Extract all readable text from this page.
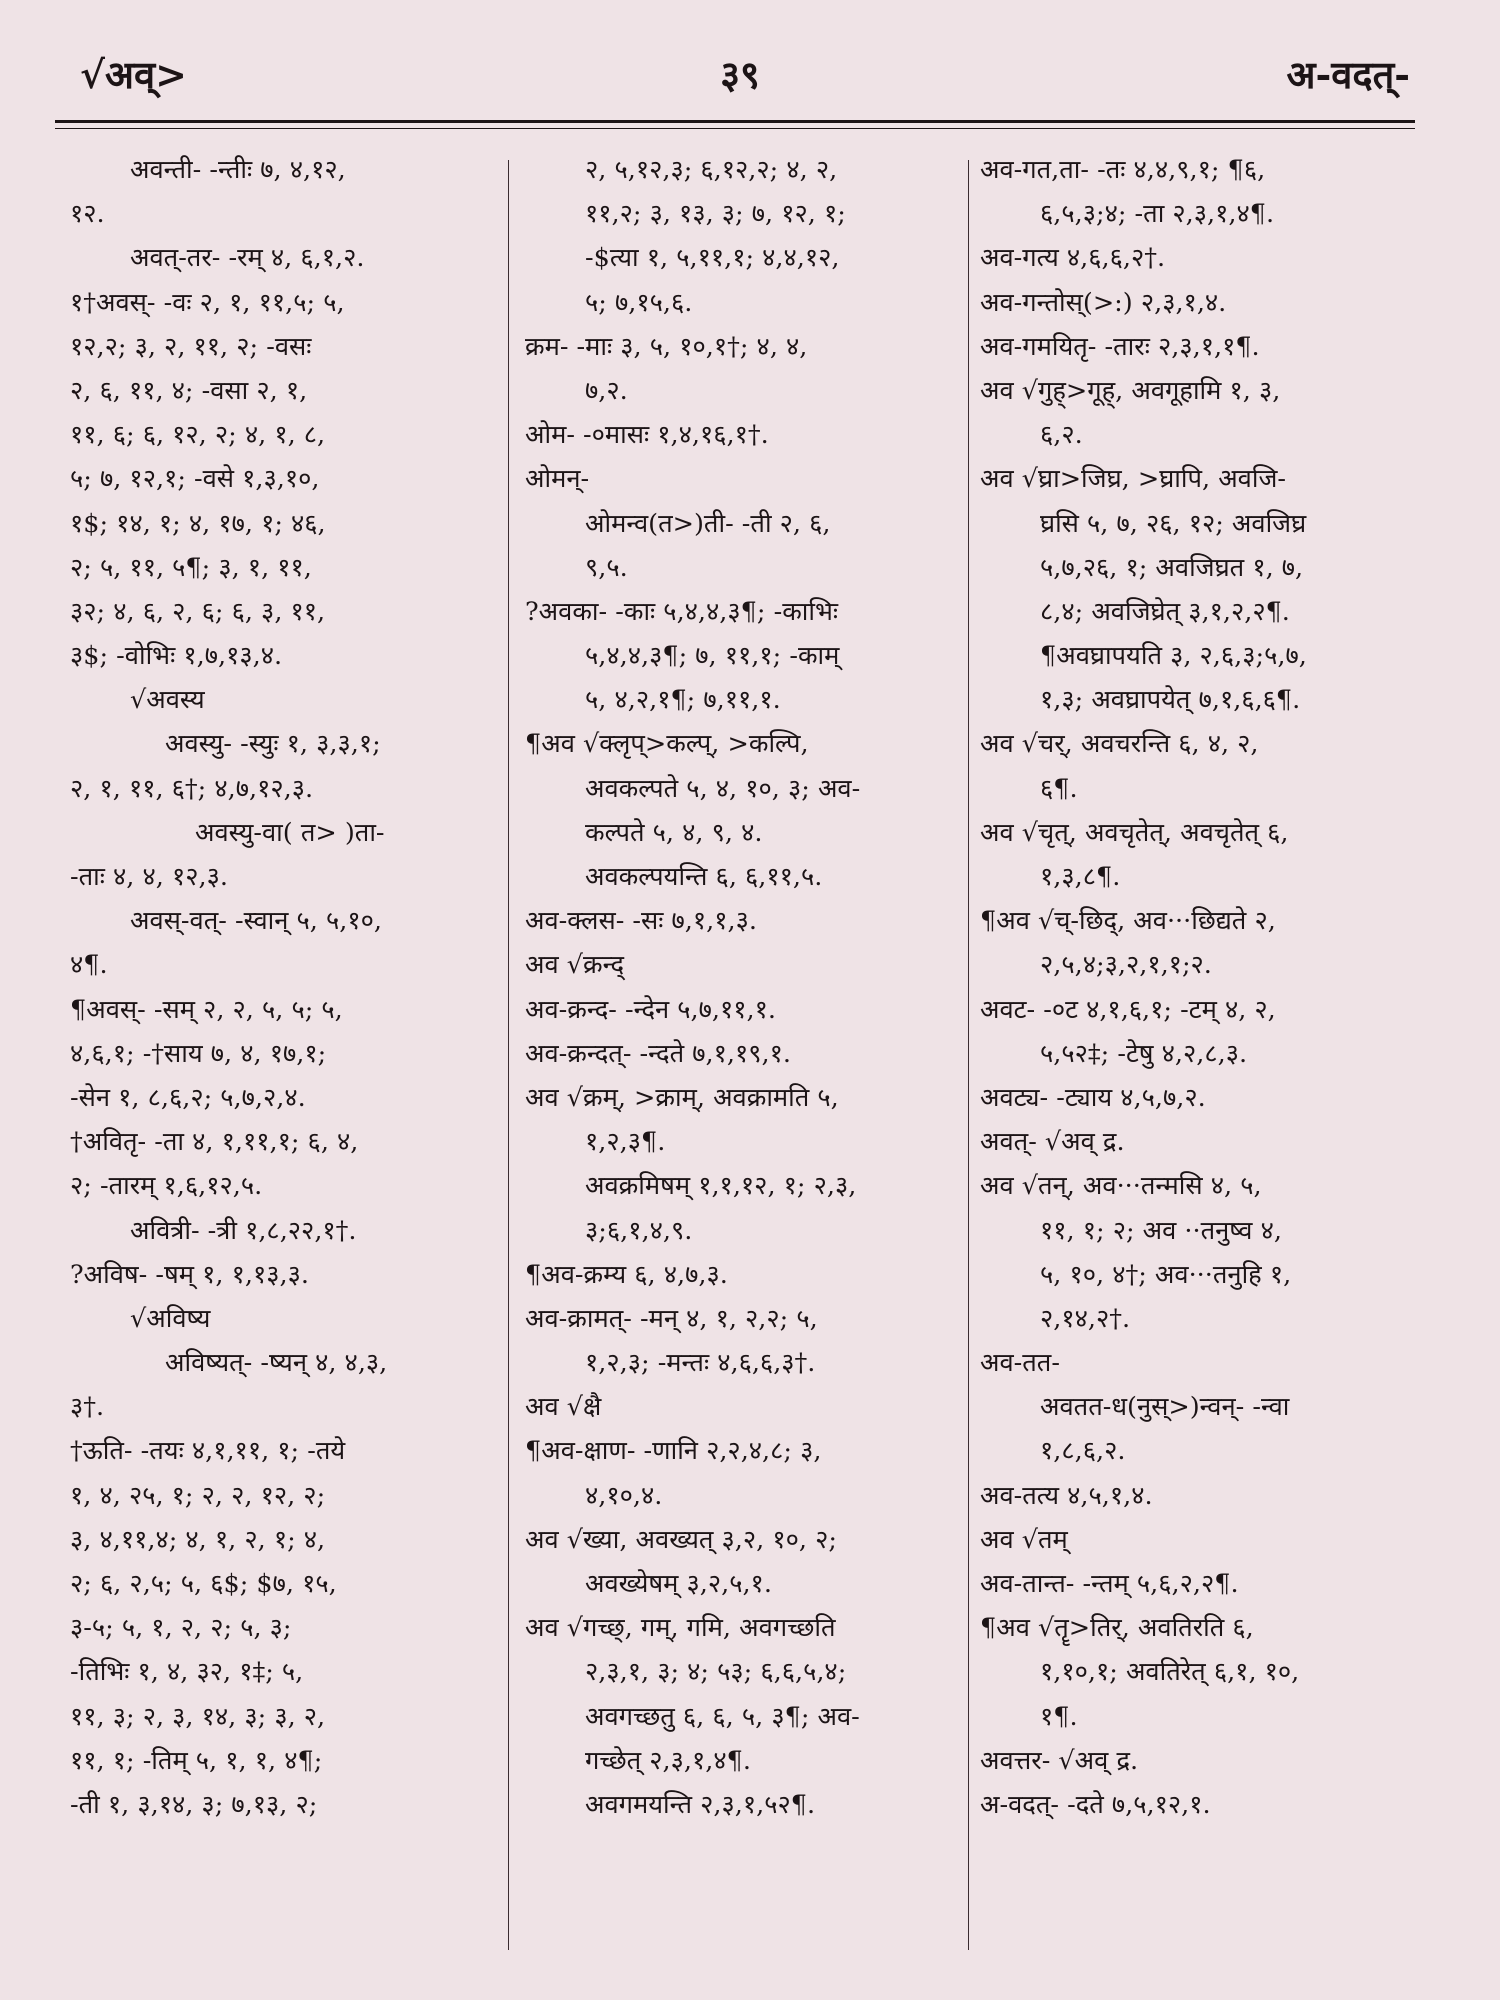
√अव्>	३९	अ-वदत्-
अवन्ती- -न्तीः ७, ४,१२,
१२.
अवत्-तर- -रम् ४, ६,१,२.
१†अवस्- -वः २, १, ११,५; ५,
१२,२; ३, २, ११, २; -वसः
२, ६, ११, ४; -वसा २, १,
११, ६; ६, १२, २; ४, १, ८,
५; ७, १२,१; -वसे १,३,१०,
१$; १४, १; ४, १७, १; ४६,
२; ५, ११, ५¶; ३, १, ११,
३२; ४, ६, २, ६; ६, ३, ११,
३$; -वोभिः १,७,१३,४.
√अवस्य
अवस्यु- -स्युः १, ३,३,१;
२, १, ११, ६†; ४,७,१२,३.
अवस्यु-वा( त> )ता-
-ताः ४, ४, १२,३.
अवस्-वत्- -स्वान् ५, ५,१०,
४¶.
¶अवस्- -सम् २, २, ५, ५; ५,
४,६,१; -†साय ७, ४, १७,१;
-सेन १, ८,६,२; ५,७,२,४.
†अवितृ- -ता ४, १,११,१; ६, ४,
२; -तारम् १,६,१२,५.
अवित्री- -त्री १,८,२२,१†.
?अविष- -षम् १, १,१३,३.
√अविष्य
अविष्यत्- -ष्यन् ४, ४,३,
३†.
†ऊति- -तयः ४,१,११, १; -तये
१, ४, २५, १; २, २, १२, २;
३, ४,११,४; ४, १, २, १; ४,
२; ६, २,५; ५, ६$; $७, १५,
३-५; ५, १, २, २; ५, ३;
-तिभिः १, ४, ३२, १‡; ५,
११, ३; २, ३, १४, ३; ३, २,
११, १; -तिम् ५, १, १, ४¶;
-ती १, ३,१४, ३; ७,१३, २;
२, ५,१२,३; ६,१२,२; ४, २,
११,२; ३, १३, ३; ७, १२, १;
-$त्या १, ५,११,१; ४,४,१२,
५; ७,१५,६.
क्रम- -माः ३, ५, १०,१†; ४, ४,
७,२.
ओम- -०मासः १,४,१६,१†.
ओमन्-
ओमन्व(त>)ती- -ती २, ६,
९,५.
?अवका- -काः ५,४,४,३¶; -काभिः
५,४,४,३¶; ७, ११,१; -काम्
५, ४,२,१¶; ७,११,१.
¶अव √क्लृप्>कल्प्, >कल्पि,
अवकल्पते ५, ४, १०, ३; अव-
कल्पते ५, ४, ९, ४.
अवकल्पयन्ति ६, ६,११,५.
अव-क्लस- -सः ७,१,१,३.
अव √क्रन्द्
अव-क्रन्द- -न्देन ५,७,११,१.
अव-क्रन्दत्- -न्दते ७,१,१९,१.
अव √क्रम्, >क्राम्, अवक्रामति ५,
१,२,३¶.
अवक्रमिषम् १,१,१२, १; २,३,
३;६,१,४,९.
¶अव-क्रम्य ६, ४,७,३.
अव-क्रामत्- -मन् ४, १, २,२; ५,
१,२,३; -मन्तः ४,६,६,३†.
अव √क्षै
¶अव-क्षाण- -णानि २,२,४,८; ३,
४,१०,४.
अव √ख्या, अवख्यत् ३,२, १०, २;
अवख्येषम् ३,२,५,१.
अव √गच्छ्, गम्, गमि, अवगच्छति
२,३,१, ३; ४; ५३; ६,६,५,४;
अवगच्छतु ६, ६, ५, ३¶; अव-
गच्छेत् २,३,१,४¶.
अवगमयन्ति २,३,१,५२¶.
अव-गत,ता- -तः ४,४,९,१; ¶६,
६,५,३;४; -ता २,३,१,४¶.
अव-गत्य ४,६,६,२†.
अव-गन्तोस्(>:) २,३,१,४.
अव-गमयितृ- -तारः २,३,१,१¶.
अव √गुह्>गूह्, अवगूहामि १, ३,
६,२.
अव √घ्रा>जिघ्र, >घ्रापि, अवजि-
घ्रसि ५, ७, २६, १२; अवजिघ्र
५,७,२६, १; अवजिघ्रत १, ७,
८,४; अवजिघ्रेत् ३,१,२,२¶.
¶अवघ्रापयति ३, २,६,३;५,७,
१,३; अवघ्रापयेत् ७,१,६,६¶.
अव √चर्, अवचरन्ति ६, ४, २,
६¶.
अव √चृत्, अवचृतेत्, अवचृतेत् ६,
१,३,८¶.
¶अव √च्-छिद्, अव···छिद्यते २,
२,५,४;३,२,१,१;२.
अवट- -०ट ४,१,६,१; -टम् ४, २,
५,५२‡; -टेषु ४,२,८,३.
अवट्य- -ट्याय ४,५,७,२.
अवत्- √अव् द्र.
अव √तन्, अव···तन्मसि ४, ५,
११, १; २; अव ··तनुष्व ४,
५, १०, ४†; अव···तनुहि १,
२,१४,२†.
अव-तत-
अवतत-ध(नुस्>)न्वन्- -न्वा
१,८,६,२.
अव-तत्य ४,५,१,४.
अव √तम्
अव-तान्त- -न्तम् ५,६,२,२¶.
¶अव √तॄ>तिर्, अवतिरति ६,
१,१०,१; अवतिरेत् ६,१, १०,
१¶.
अवत्तर- √अव् द्र.
अ-वदत्- -दते ७,५,१२,१.
